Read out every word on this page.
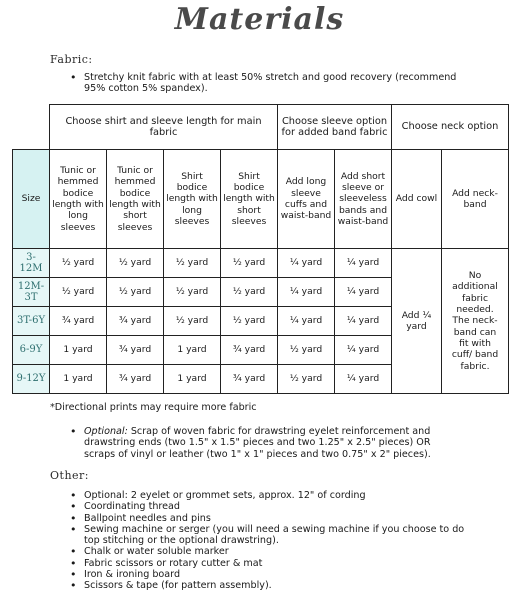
Materials
Fabric:
• Stretchy knit fabric with at least 50% stretch and good recovery (recommend 95% cotton 5% spandex).
	Choose shirt and sleeve length for main fabric				Choose sleeve option for added band fabric		Choose neck option	
Size	Tunic or hemmed bodice length with long sleeves	Tunic or hemmed bodice length with short sleeves	Shirt bodice length with long sleeves	Shirt bodice length with short sleeves	Add long sleeve cuffs and waist-band	Add short sleeve or sleeveless bands and waist-band	Add cowl	Add neck-band
3-12M	½ yard	½ yard	½ yard	½ yard	¼ yard	¼ yard	Add ¼ yard	No additional fabric needed. The neck-band can fit with cuff/ band fabric.
12M-3T	½ yard	½ yard	½ yard	½ yard	¼ yard	¼ yard		
3T-6Y	¾ yard	¾ yard	½ yard	½ yard	¼ yard	¼ yard		
6-9Y	1 yard	¾ yard	1 yard	¾ yard	½ yard	¼ yard		
9-12Y	1 yard	¾ yard	1 yard	¾ yard	½ yard	¼ yard		
*Directional prints may require more fabric
• Optional: Scrap of woven fabric for drawstring eyelet reinforcement and drawstring ends (two 1.5" x 1.5" pieces and two 1.25" x 2.5" pieces) OR scraps of vinyl or leather (two 1" x 1" pieces and two 0.75" x 2" pieces).
Other:
• Optional: 2 eyelet or grommet sets, approx. 12" of cording
• Coordinating thread
• Ballpoint needles and pins
• Sewing machine or serger (you will need a sewing machine if you choose to do top stitching or the optional drawstring).
• Chalk or water soluble marker
• Fabric scissors or rotary cutter & mat
• Iron & ironing board
• Scissors & tape (for pattern assembly).
